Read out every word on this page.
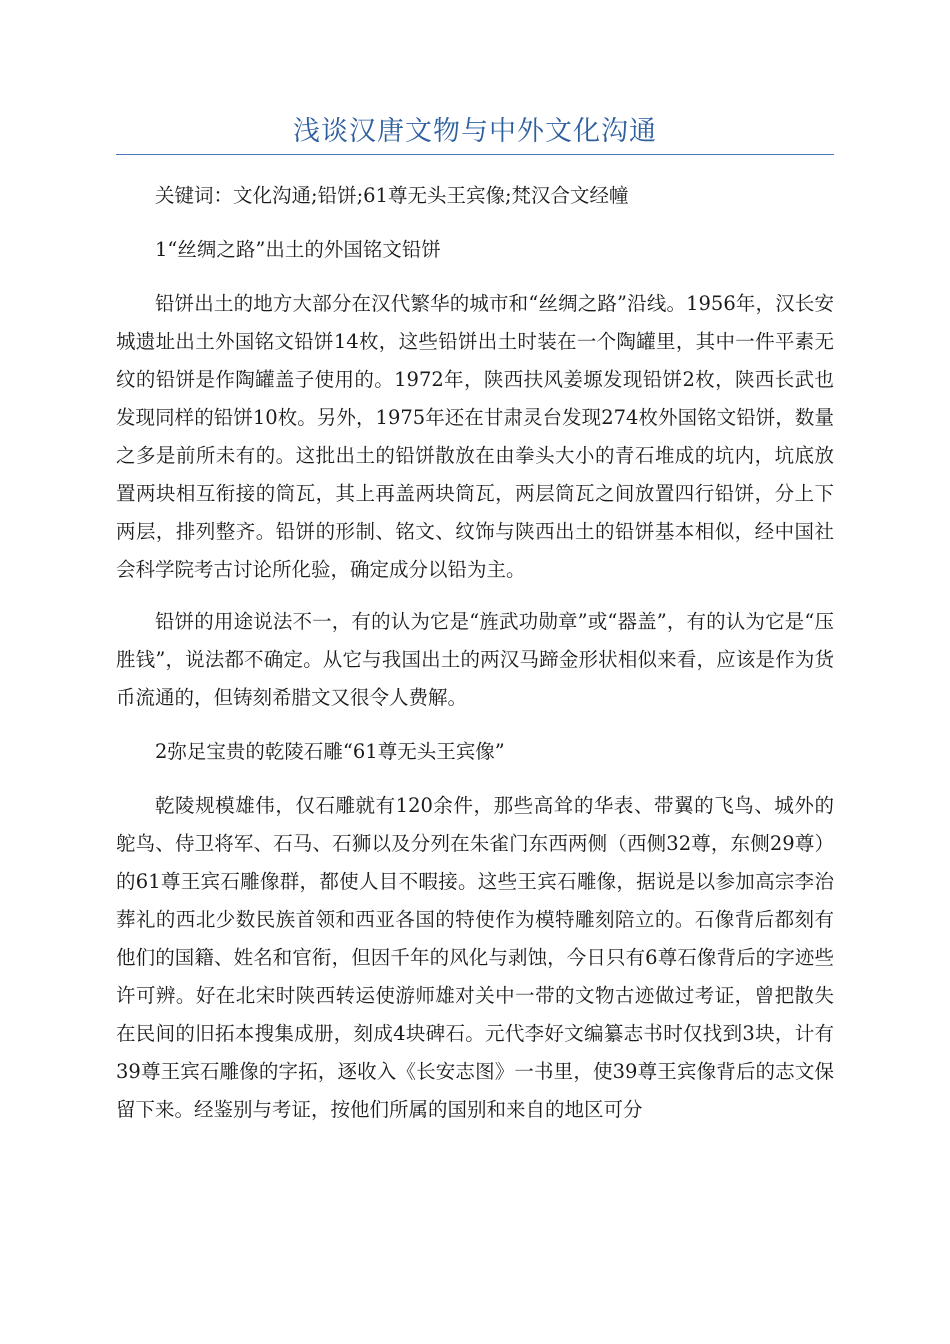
浅谈汉唐文物与中外文化沟通

关键词：文化沟通;铅饼;61尊无头王宾像;梵汉合文经幢

1“丝绸之路”出土的外国铭文铅饼

铅饼出土的地方大部分在汉代繁华的城市和“丝绸之路”沿线。1956年，汉长安城遗址出土外国铭文铅饼14枚，这些铅饼出土时装在一个陶罐里，其中一件平素无纹的铅饼是作陶罐盖子使用的。1972年，陕西扶风姜塬发现铅饼2枚，陕西长武也发现同样的铅饼10枚。另外，1975年还在甘肃灵台发现274枚外国铭文铅饼，数量之多是前所未有的。这批出土的铅饼散放在由拳头大小的青石堆成的坑内，坑底放置两块相互衔接的筒瓦，其上再盖两块筒瓦，两层筒瓦之间放置四行铅饼，分上下两层，排列整齐。铅饼的形制、铭文、纹饰与陕西出土的铅饼基本相似，经中国社会科学院考古讨论所化验，确定成分以铅为主。

铅饼的用途说法不一，有的认为它是“旌武功勋章”或“器盖”，有的认为它是“压胜钱”，说法都不确定。从它与我国出土的两汉马蹄金形状相似来看，应该是作为货币流通的，但铸刻希腊文又很令人费解。

2弥足宝贵的乾陵石雕“61尊无头王宾像”

乾陵规模雄伟，仅石雕就有120余件，那些高耸的华表、带翼的飞鸟、城外的鸵鸟、侍卫将军、石马、石狮以及分列在朱雀门东西两侧（西侧32尊，东侧29尊）的61尊王宾石雕像群，都使人目不暇接。这些王宾石雕像，据说是以参加高宗李治葬礼的西北少数民族首领和西亚各国的特使作为模特雕刻陪立的。石像背后都刻有他们的国籍、姓名和官衔，但因千年的风化与剥蚀，今日只有6尊石像背后的字迹些许可辨。好在北宋时陕西转运使游师雄对关中一带的文物古迹做过考证，曾把散失在民间的旧拓本搜集成册，刻成4块碑石。元代李好文编纂志书时仅找到3块，计有39尊王宾石雕像的字拓，逐收入《长安志图》一书里，使39尊王宾像背后的志文保留下来。经鉴别与考证，按他们所属的国别和来自的地区可分
